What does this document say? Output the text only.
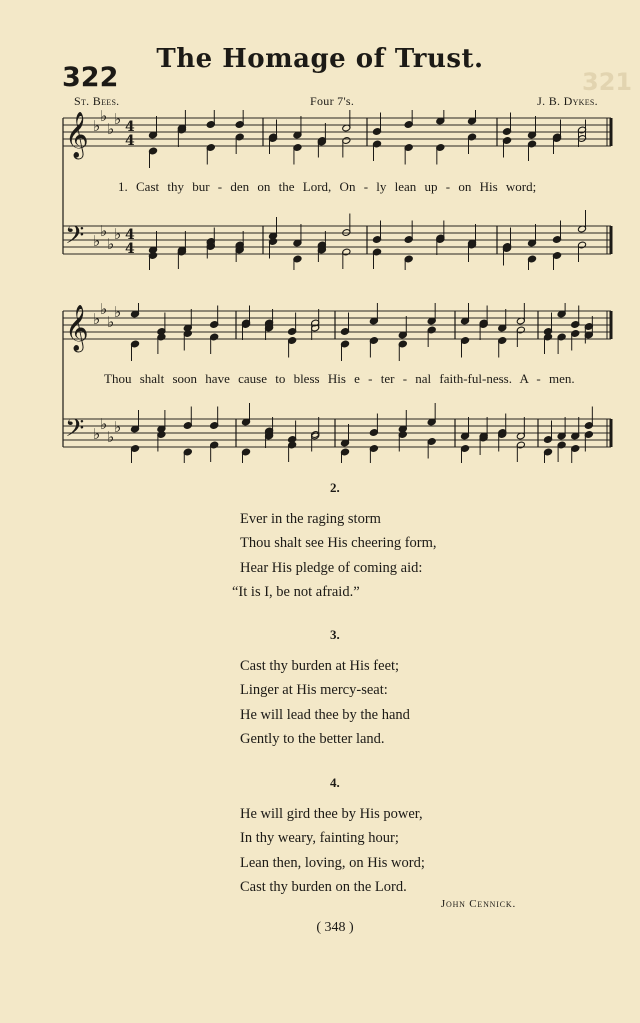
321
The Homage of Trust.
322
St. Bees.	Four 7's.	J. B. Dykes.
𝄞 ♭
♭
♭
♭ 4
4
𝄢 ♭
♭
♭
♭ 4
4
1. Cast thy bur - den on the Lord, On - ly lean up - on His word;
𝄞 ♭
♭
♭
♭
𝄢 ♭
♭
♭
♭
Thou shalt soon have cause to bless His e - ter - nal faith-ful-ness. A - men.
2.

Ever in the raging storm

Thou shalt see His cheering form,

Hear His pledge of coming aid:

“It is I, be not afraid.”

3.

Cast thy burden at His feet;

Linger at His mercy-seat:

He will lead thee by the hand

Gently to the better land.

4.

He will gird thee by His power,

In thy weary, fainting hour;

Lean then, loving, on His word;

Cast thy burden on the Lord.

John Cennick.
( 348 )
